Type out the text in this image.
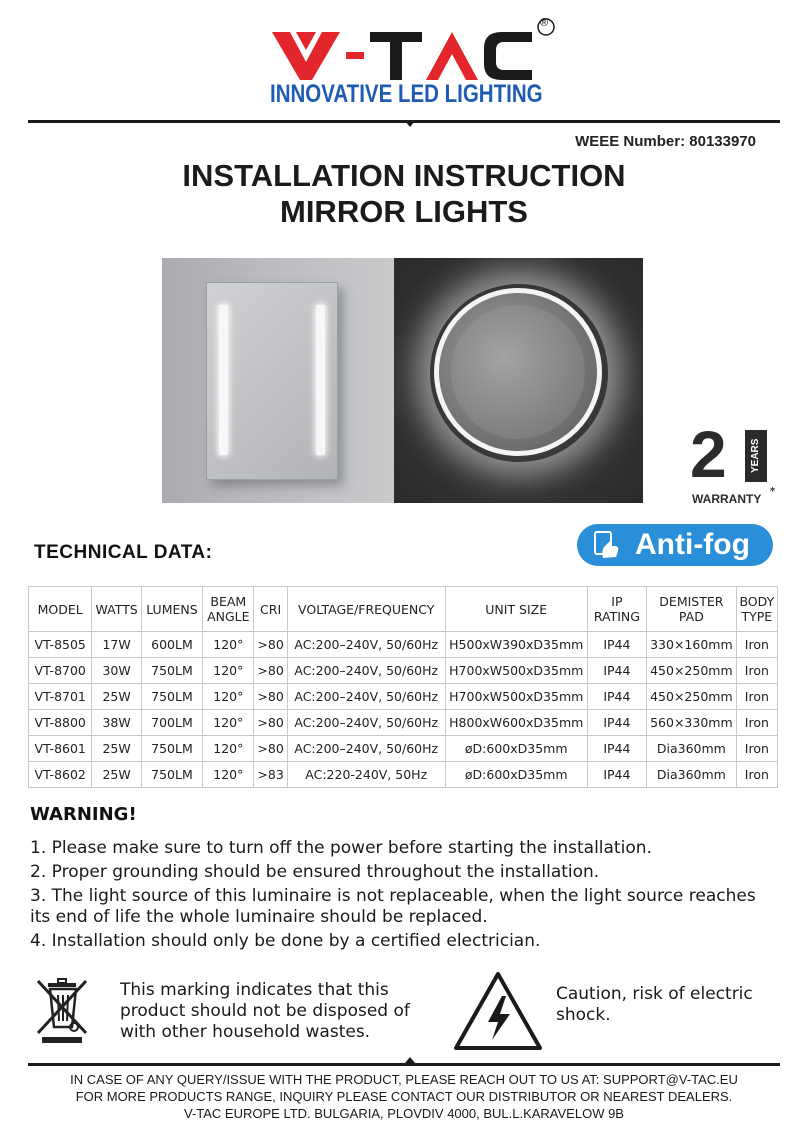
®
INNOVATIVE LED LIGHTING
WEEE Number: 80133970
INSTALLATION INSTRUCTION
MIRROR LIGHTS
2	YEARS
WARRANTY
*
TECHNICAL DATA:	Anti-fog
MODEL	WATTS	LUMENS	BEAM ANGLE	CRI	VOLTAGE/FREQUENCY	UNIT SIZE	IP RATING	DEMISTER PAD	BODY TYPE
VT-8505	17W	600LM	120°	>80	AC:200–240V, 50/60Hz	H500xW390xD35mm	IP44	330×160mm	Iron
VT-8700	30W	750LM	120°	>80	AC:200–240V, 50/60Hz	H700xW500xD35mm	IP44	450×250mm	Iron
VT-8701	25W	750LM	120°	>80	AC:200–240V, 50/60Hz	H700xW500xD35mm	IP44	450×250mm	Iron
VT-8800	38W	700LM	120°	>80	AC:200–240V, 50/60Hz	H800xW600xD35mm	IP44	560×330mm	Iron
VT-8601	25W	750LM	120°	>80	AC:200–240V, 50/60Hz	øD:600xD35mm	IP44	Dia360mm	Iron
VT-8602	25W	750LM	120°	>83	AC:220-240V, 50Hz	øD:600xD35mm	IP44	Dia360mm	Iron
WARNING!
1. Please make sure to turn off the power before starting the installation.
2. Proper grounding should be ensured throughout the installation.
3. The light source of this luminaire is not replaceable, when the light source reaches its end of life the whole luminaire should be replaced.
4. Installation should only be done by a certified electrician.
This marking indicates that this product should not be disposed of with other household wastes.
Caution, risk of electric shock.
IN CASE OF ANY QUERY/ISSUE WITH THE PRODUCT, PLEASE REACH OUT TO US AT: SUPPORT@V-TAC.EU
FOR MORE PRODUCTS RANGE, INQUIRY PLEASE CONTACT OUR DISTRIBUTOR OR NEAREST DEALERS.
V-TAC EUROPE LTD. BULGARIA, PLOVDIV 4000, BUL.L.KARAVELOW 9B
